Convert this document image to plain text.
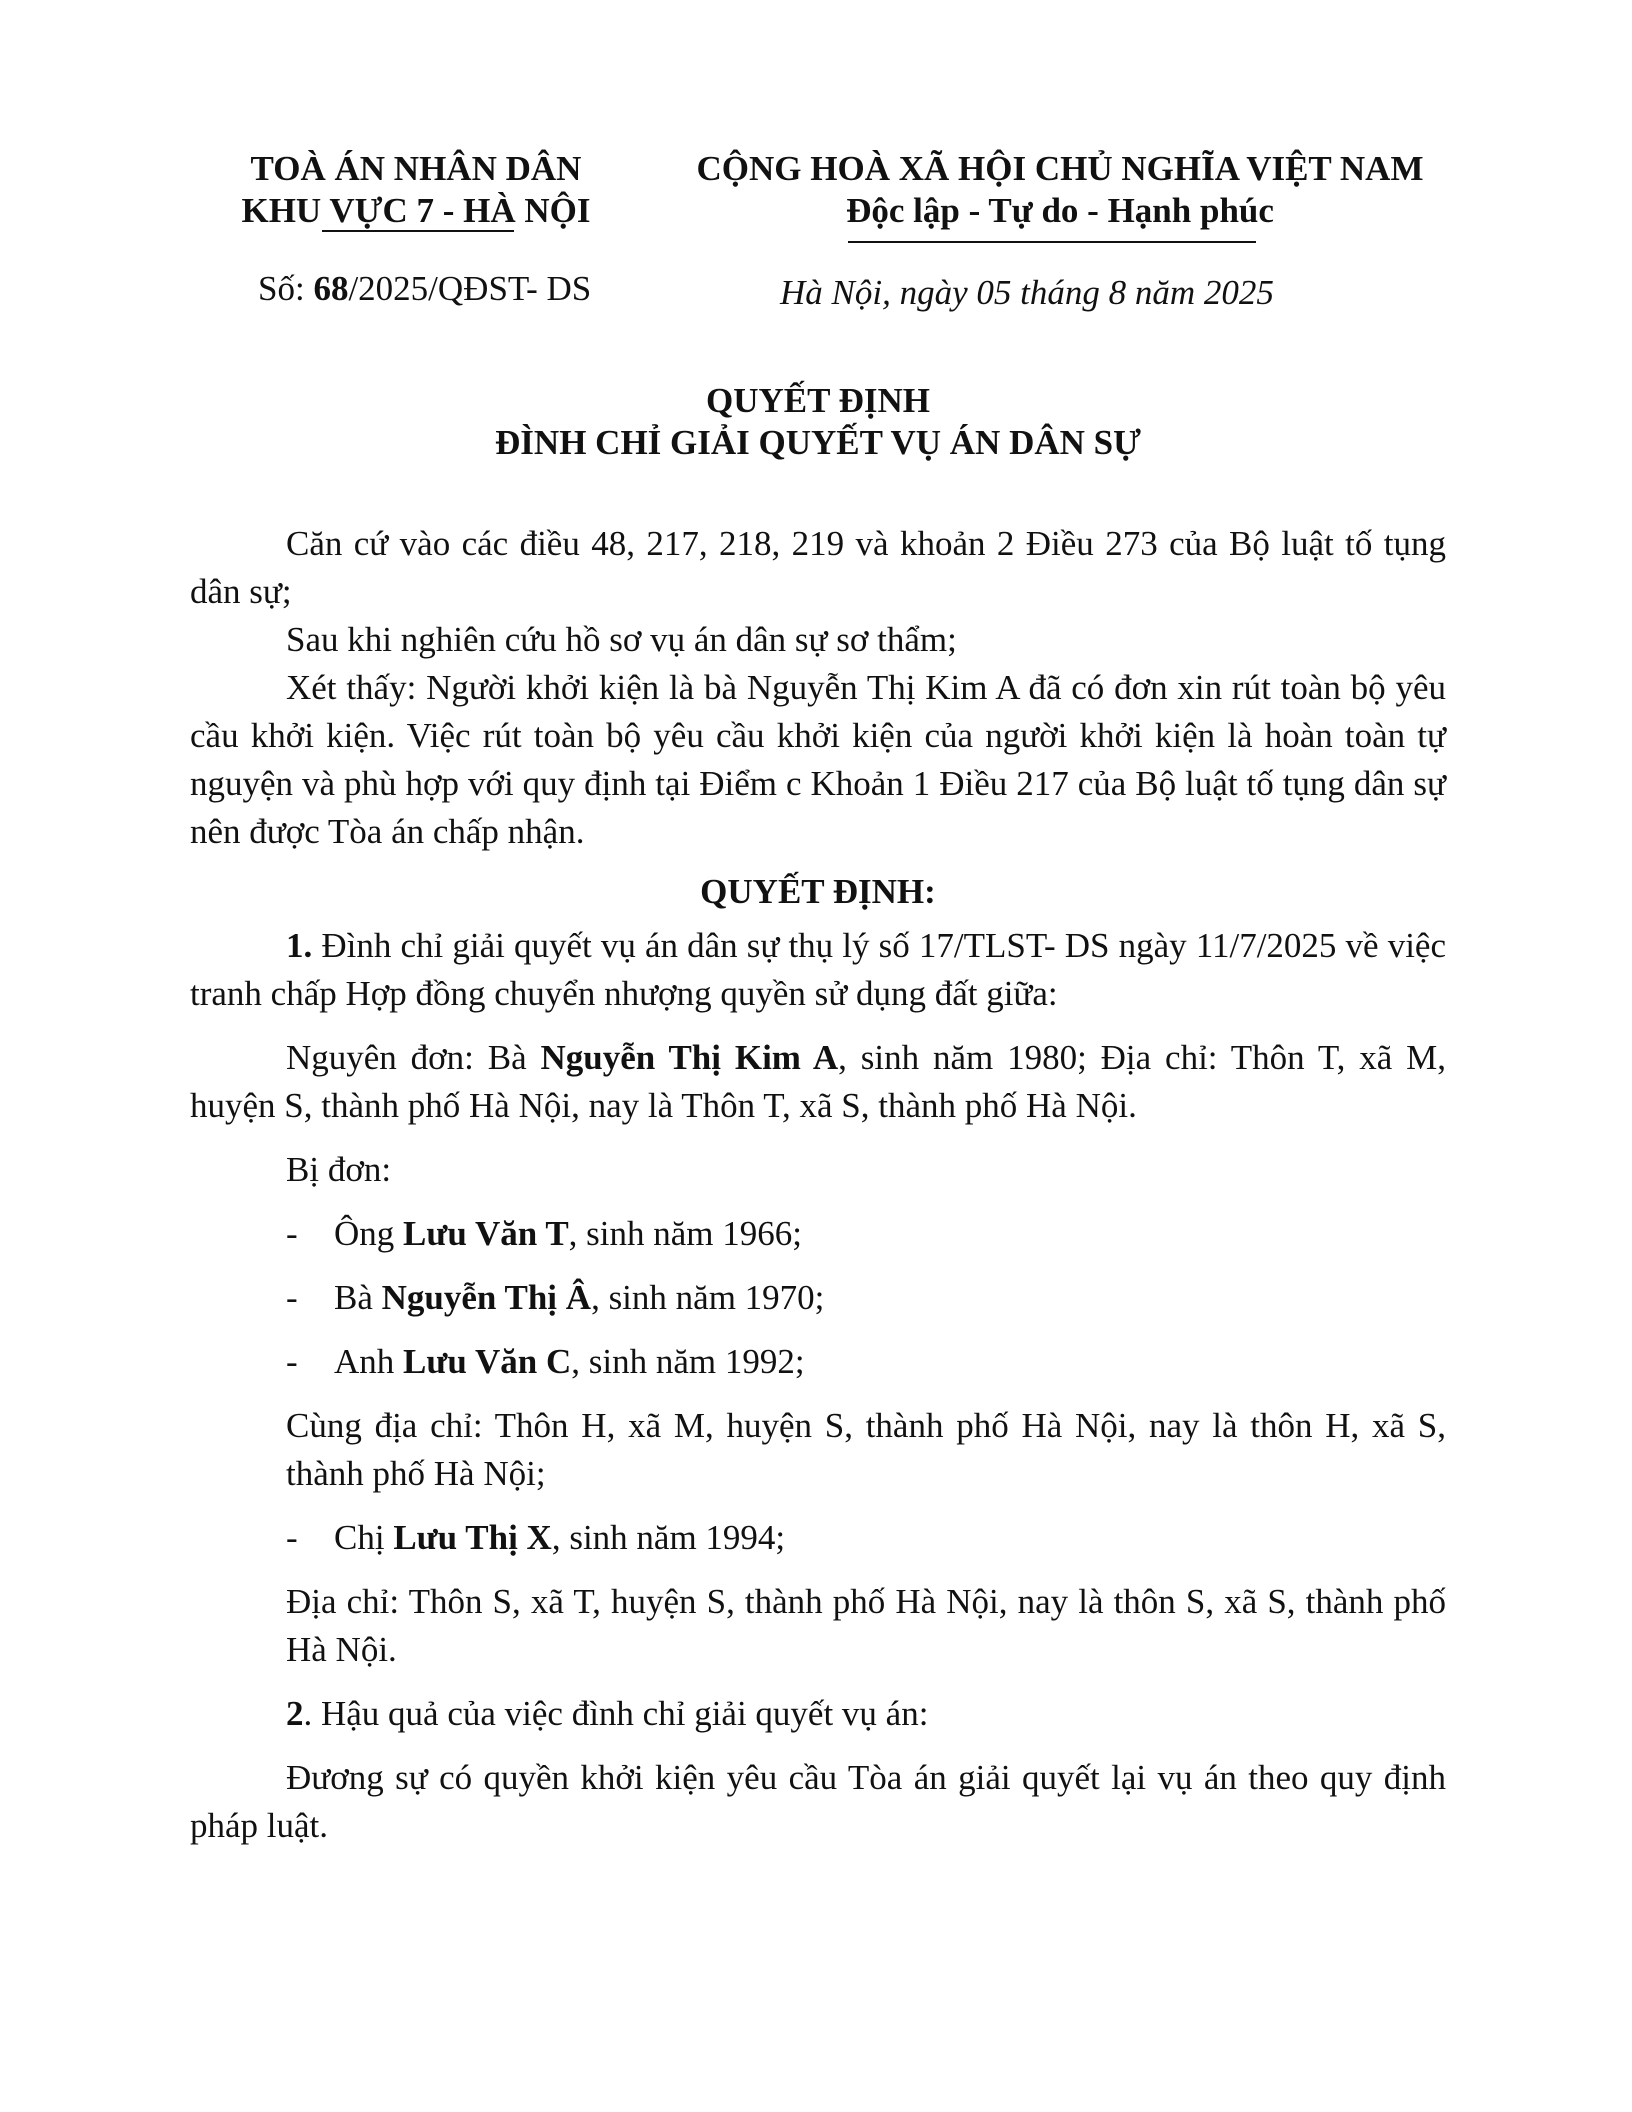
TOÀ ÁN NHÂN DÂN
KHU VỰC 7 - HÀ NỘI
CỘNG HOÀ XÃ HỘI CHỦ NGHĨA VIỆT NAM
Độc lập - Tự do - Hạnh phúc
Số: 68/2025/QĐST- DS	Hà Nội, ngày 05 tháng 8 năm 2025
QUYẾT ĐỊNH
ĐÌNH CHỈ GIẢI QUYẾT VỤ ÁN DÂN SỰ

Căn cứ vào các điều 48, 217, 218, 219 và khoản 2 Điều 273 của Bộ luật tố tụng dân sự;

Sau khi nghiên cứu hồ sơ vụ án dân sự sơ thẩm;

Xét thấy: Người khởi kiện là bà Nguyễn Thị Kim A đã có đơn xin rút toàn bộ yêu cầu khởi kiện. Việc rút toàn bộ yêu cầu khởi kiện của người khởi kiện là hoàn toàn tự nguyện và phù hợp với quy định tại Điểm c Khoản 1 Điều 217 của Bộ luật tố tụng dân sự nên được Tòa án chấp nhận.

QUYẾT ĐỊNH:

1. Đình chỉ giải quyết vụ án dân sự thụ lý số 17/TLST- DS ngày 11/7/2025 về việc tranh chấp Hợp đồng chuyển nhượng quyền sử dụng đất giữa:

Nguyên đơn: Bà Nguyễn Thị Kim A, sinh năm 1980; Địa chỉ: Thôn T, xã M, huyện S, thành phố Hà Nội, nay là Thôn T, xã S, thành phố Hà Nội.

Bị đơn:

- Ông Lưu Văn T, sinh năm 1966;
- Bà Nguyễn Thị Â, sinh năm 1970;
- Anh Lưu Văn C, sinh năm 1992;

Cùng địa chỉ: Thôn H, xã M, huyện S, thành phố Hà Nội, nay là thôn H, xã S, thành phố Hà Nội;

- Chị Lưu Thị X, sinh năm 1994;

Địa chỉ: Thôn S, xã T, huyện S, thành phố Hà Nội, nay là thôn S, xã S, thành phố Hà Nội.

2. Hậu quả của việc đình chỉ giải quyết vụ án:

Đương sự có quyền khởi kiện yêu cầu Tòa án giải quyết lại vụ án theo quy định pháp luật.
